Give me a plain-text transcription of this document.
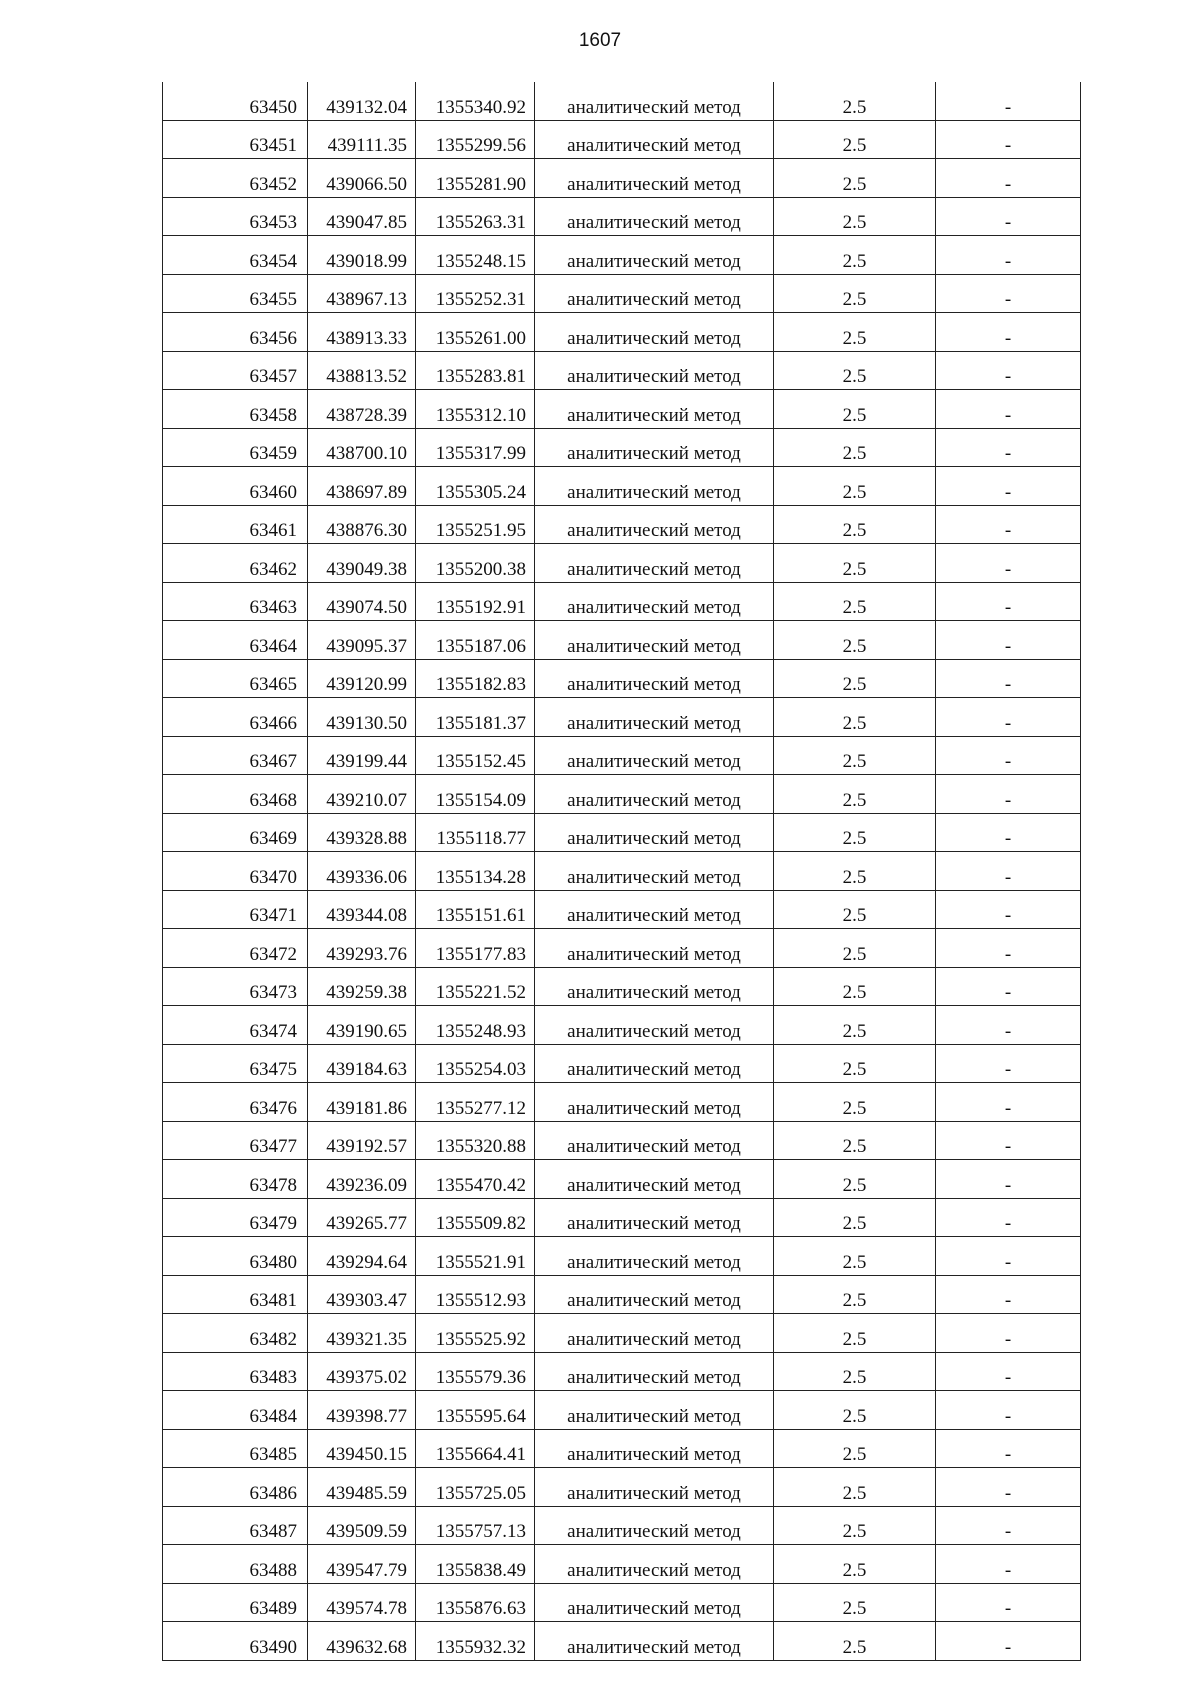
1607
63450	439132.04	1355340.92	аналитический метод	2.5	-
63451	439111.35	1355299.56	аналитический метод	2.5	-
63452	439066.50	1355281.90	аналитический метод	2.5	-
63453	439047.85	1355263.31	аналитический метод	2.5	-
63454	439018.99	1355248.15	аналитический метод	2.5	-
63455	438967.13	1355252.31	аналитический метод	2.5	-
63456	438913.33	1355261.00	аналитический метод	2.5	-
63457	438813.52	1355283.81	аналитический метод	2.5	-
63458	438728.39	1355312.10	аналитический метод	2.5	-
63459	438700.10	1355317.99	аналитический метод	2.5	-
63460	438697.89	1355305.24	аналитический метод	2.5	-
63461	438876.30	1355251.95	аналитический метод	2.5	-
63462	439049.38	1355200.38	аналитический метод	2.5	-
63463	439074.50	1355192.91	аналитический метод	2.5	-
63464	439095.37	1355187.06	аналитический метод	2.5	-
63465	439120.99	1355182.83	аналитический метод	2.5	-
63466	439130.50	1355181.37	аналитический метод	2.5	-
63467	439199.44	1355152.45	аналитический метод	2.5	-
63468	439210.07	1355154.09	аналитический метод	2.5	-
63469	439328.88	1355118.77	аналитический метод	2.5	-
63470	439336.06	1355134.28	аналитический метод	2.5	-
63471	439344.08	1355151.61	аналитический метод	2.5	-
63472	439293.76	1355177.83	аналитический метод	2.5	-
63473	439259.38	1355221.52	аналитический метод	2.5	-
63474	439190.65	1355248.93	аналитический метод	2.5	-
63475	439184.63	1355254.03	аналитический метод	2.5	-
63476	439181.86	1355277.12	аналитический метод	2.5	-
63477	439192.57	1355320.88	аналитический метод	2.5	-
63478	439236.09	1355470.42	аналитический метод	2.5	-
63479	439265.77	1355509.82	аналитический метод	2.5	-
63480	439294.64	1355521.91	аналитический метод	2.5	-
63481	439303.47	1355512.93	аналитический метод	2.5	-
63482	439321.35	1355525.92	аналитический метод	2.5	-
63483	439375.02	1355579.36	аналитический метод	2.5	-
63484	439398.77	1355595.64	аналитический метод	2.5	-
63485	439450.15	1355664.41	аналитический метод	2.5	-
63486	439485.59	1355725.05	аналитический метод	2.5	-
63487	439509.59	1355757.13	аналитический метод	2.5	-
63488	439547.79	1355838.49	аналитический метод	2.5	-
63489	439574.78	1355876.63	аналитический метод	2.5	-
63490	439632.68	1355932.32	аналитический метод	2.5	-
